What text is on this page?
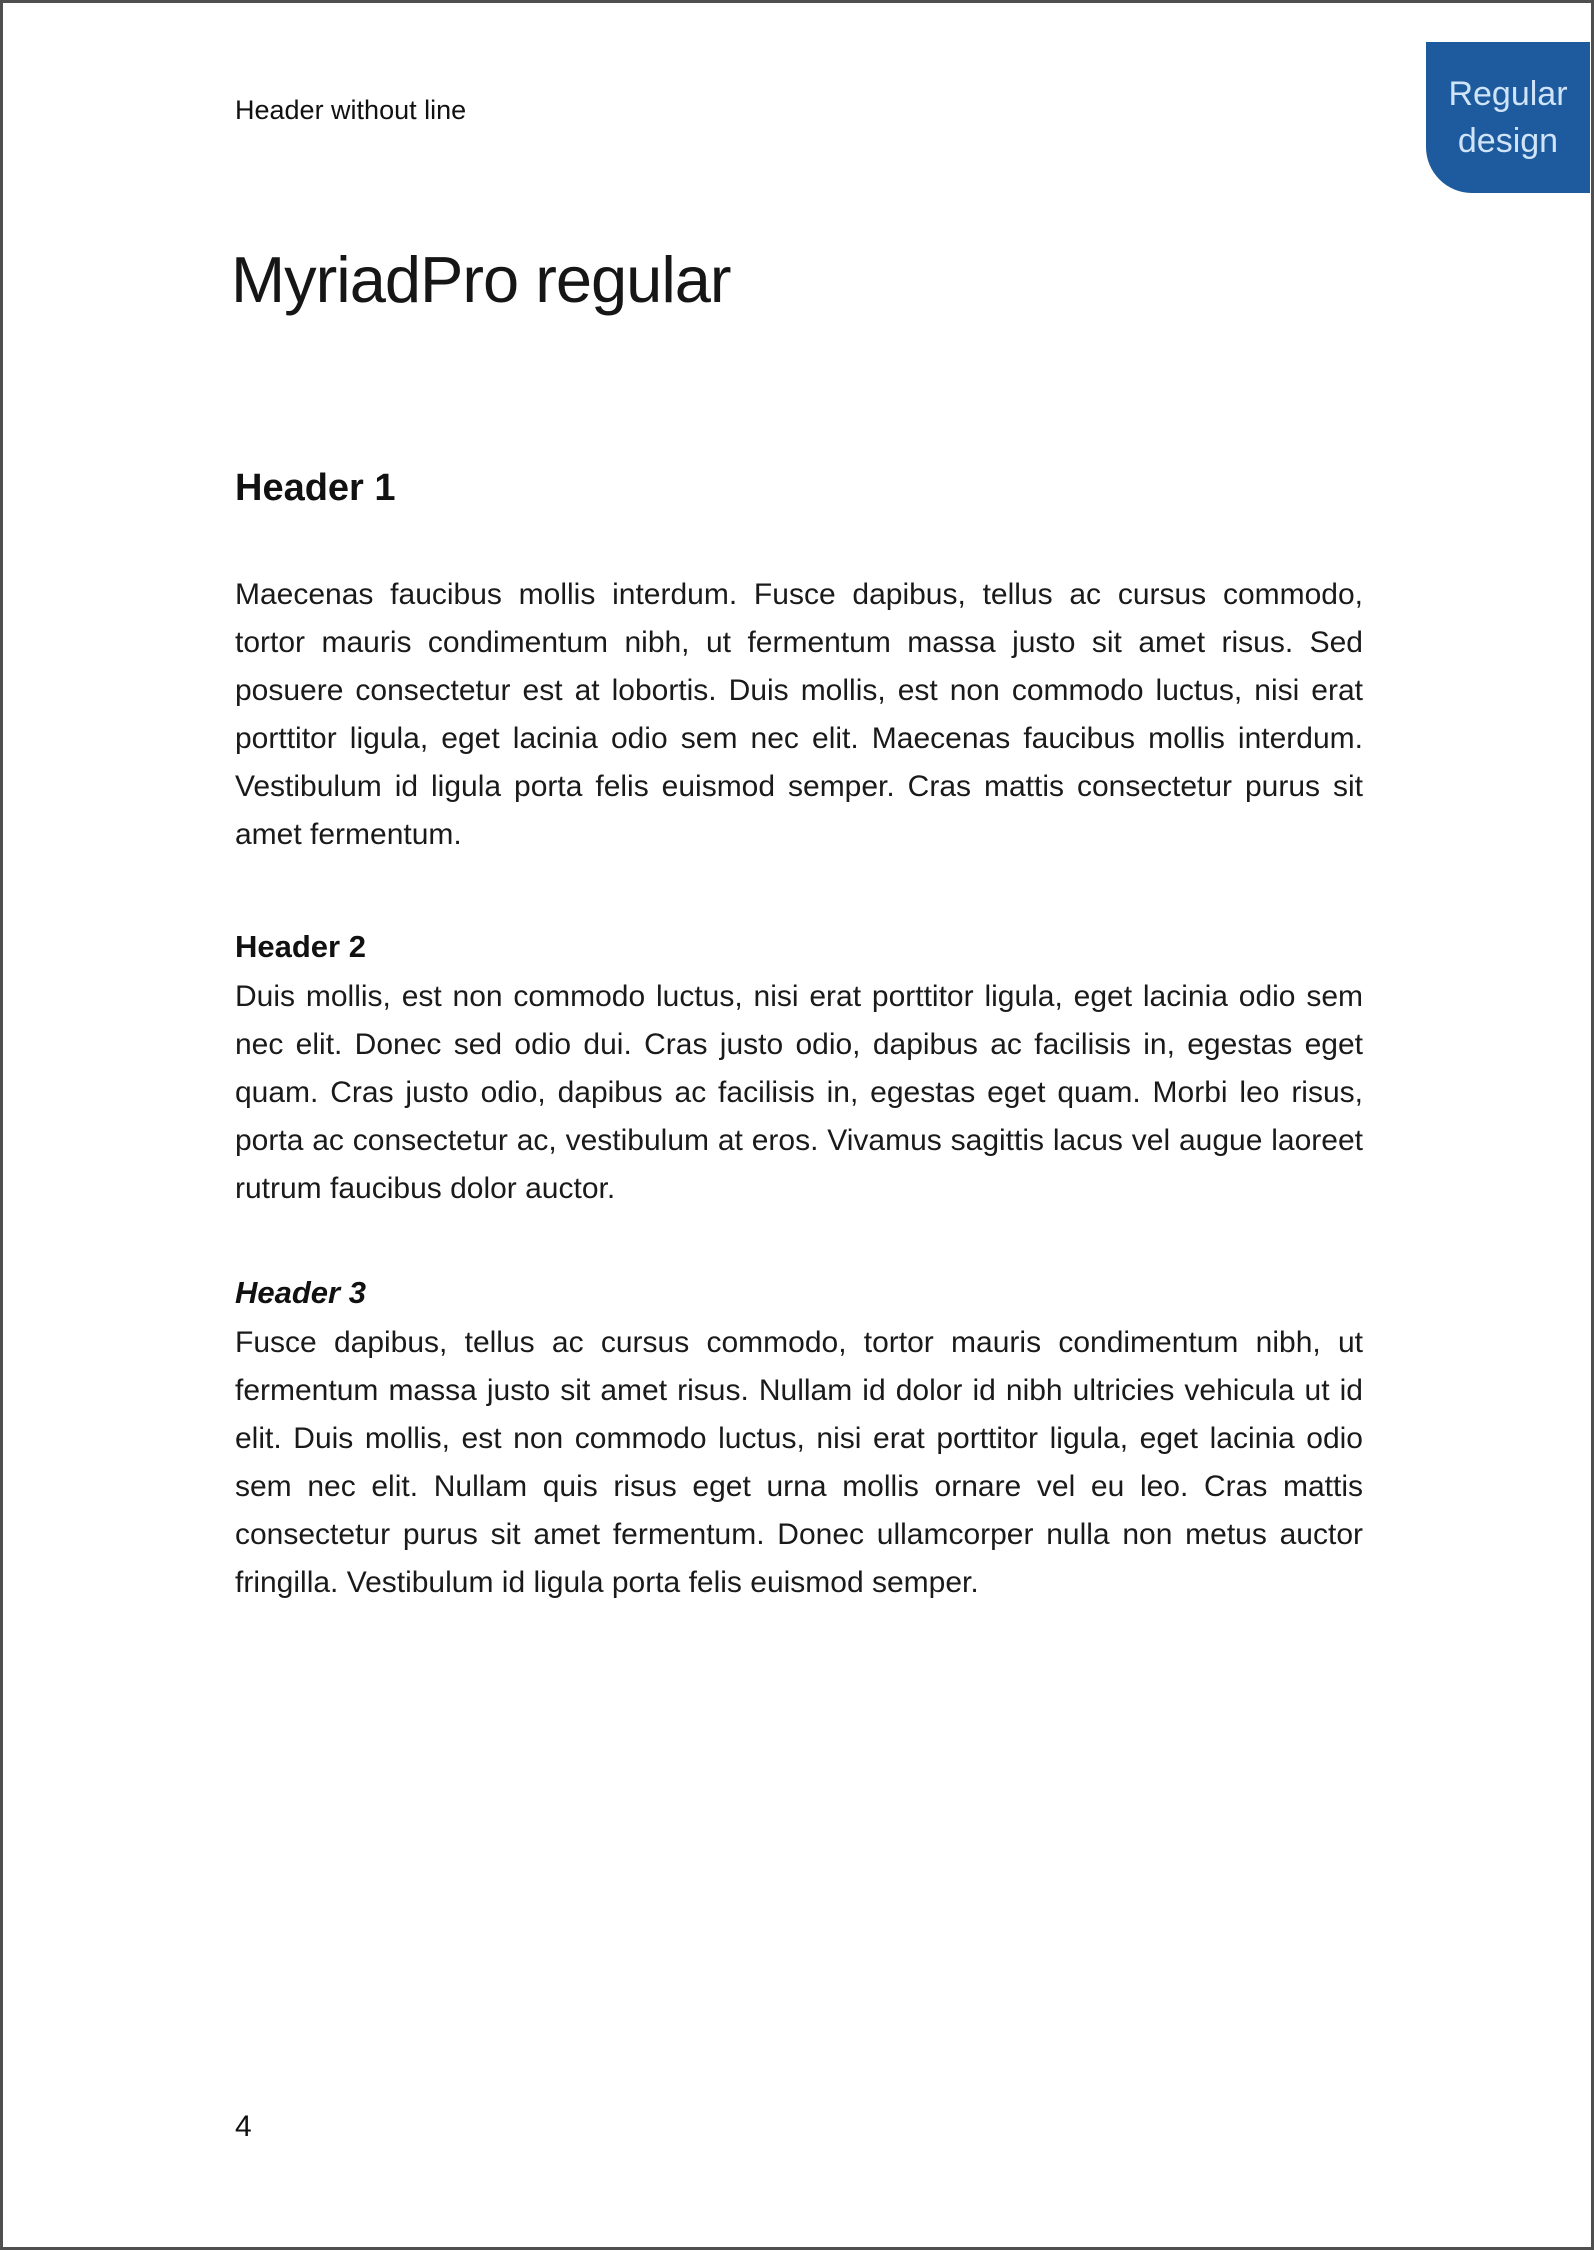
Header without line	Regular
design
MyriadPro regular
Header 1

Maecenas faucibus mollis interdum. Fusce dapibus, tellus ac cursus commodo, tortor mauris condimentum nibh, ut fermentum massa justo sit amet risus. Sed posuere consectetur est at lobortis. Duis mollis, est non commodo luctus, nisi erat porttitor ligula, eget lacinia odio sem nec elit. Maecenas faucibus mollis interdum. Vestibulum id ligula porta felis euismod semper. Cras mattis consectetur purus sit amet fermentum.

Header 2

Duis mollis, est non commodo luctus, nisi erat porttitor ligula, eget lacinia odio sem nec elit. Donec sed odio dui. Cras justo odio, dapibus ac facilisis in, egestas eget quam. Cras justo odio, dapibus ac facilisis in, egestas eget quam. Morbi leo risus, porta ac consectetur ac, vestibulum at eros. Vivamus sagittis lacus vel augue laoreet rutrum faucibus dolor auctor.

Header 3

Fusce dapibus, tellus ac cursus commodo, tortor mauris condimentum nibh, ut fermentum massa justo sit amet risus. Nullam id dolor id nibh ultricies vehicula ut id elit. Duis mollis, est non commodo luctus, nisi erat porttitor ligula, eget lacinia odio sem nec elit. Nullam quis risus eget urna mollis ornare vel eu leo. Cras mattis consectetur purus sit amet fermentum. Donec ullamcorper nulla non metus auctor fringilla. Vestibulum id ligula porta felis euismod semper.

4
